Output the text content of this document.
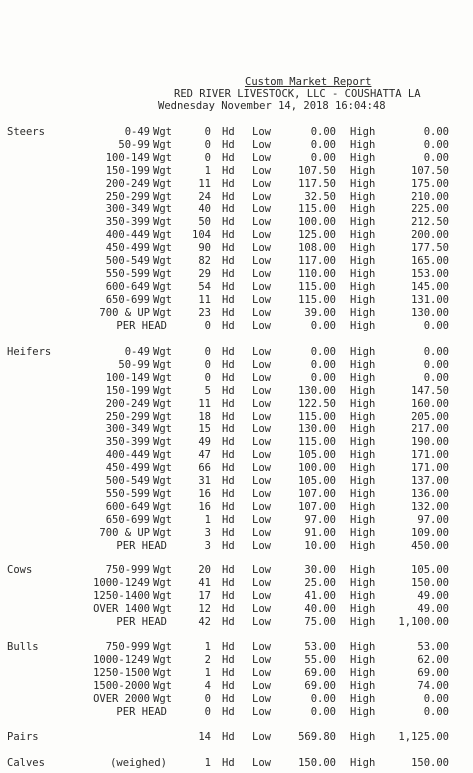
Custom Market Report
RED RIVER LIVESTOCK, LLC - COUSHATTA LA
Wednesday November 14, 2018 16:04:48
Steers	0-49 Wgt	0 Hd Low	0.00 High	0.00
50-99 Wgt	0 Hd Low	0.00 High	0.00
100-149 Wgt	0 Hd Low	0.00 High	0.00
150-199 Wgt	1 Hd Low	107.50 High	107.50
200-249 Wgt	11 Hd Low	117.50 High	175.00
250-299 Wgt	24 Hd Low	32.50 High	210.00
300-349 Wgt	40 Hd Low	115.00 High	225.00
350-399 Wgt	50 Hd Low	100.00 High	212.50
400-449 Wgt 104 Hd Low	125.00 High	200.00
450-499 Wgt	90 Hd Low	108.00 High	177.50
500-549 Wgt	82 Hd Low	117.00 High	165.00
550-599 Wgt	29 Hd Low	110.00 High	153.00
600-649 Wgt	54 Hd Low	115.00 High	145.00
650-699 Wgt	11 Hd Low	115.00 High	131.00
700 & UP Wgt	23 Hd Low	39.00 High	130.00
PER HEAD	0 Hd Low	0.00 High	0.00
Heifers	0-49 Wgt	0 Hd Low	0.00 High	0.00
50-99 Wgt	0 Hd Low	0.00 High	0.00
100-149 Wgt	0 Hd Low	0.00 High	0.00
150-199 Wgt	5 Hd Low	130.00 High	147.50
200-249 Wgt	11 Hd Low	122.50 High	160.00
250-299 Wgt	18 Hd Low	115.00 High	205.00
300-349 Wgt	15 Hd Low	130.00 High	217.00
350-399 Wgt	49 Hd Low	115.00 High	190.00
400-449 Wgt	47 Hd Low	105.00 High	171.00
450-499 Wgt	66 Hd Low	100.00 High	171.00
500-549 Wgt	31 Hd Low	105.00 High	137.00
550-599 Wgt	16 Hd Low	107.00 High	136.00
600-649 Wgt	16 Hd Low	107.00 High	132.00
650-699 Wgt	1 Hd Low	97.00 High	97.00
700 & UP Wgt	3 Hd Low	91.00 High	109.00
PER HEAD	3 Hd Low	10.00 High	450.00
Cows	750-999 Wgt	20 Hd Low	30.00 High	105.00
1000-1249 Wgt	41 Hd Low	25.00 High	150.00
1250-1400 Wgt	17 Hd Low	41.00 High	49.00
OVER 1400 Wgt	12 Hd Low	40.00 High	49.00
PER HEAD	42 Hd Low	75.00 High 1,100.00
Bulls	750-999 Wgt	1 Hd Low	53.00 High	53.00
1000-1249 Wgt	2 Hd Low	55.00 High	62.00
1250-1500 Wgt	1 Hd Low	69.00 High	69.00
1500-2000 Wgt	4 Hd Low	69.00 High	74.00
OVER 2000 Wgt	0 Hd Low	0.00 High	0.00
PER HEAD	0 Hd Low	0.00 High	0.00
Pairs	14 Hd Low	569.80 High 1,125.00
Calves	(weighed)	1 Hd Low	150.00 High	150.00
